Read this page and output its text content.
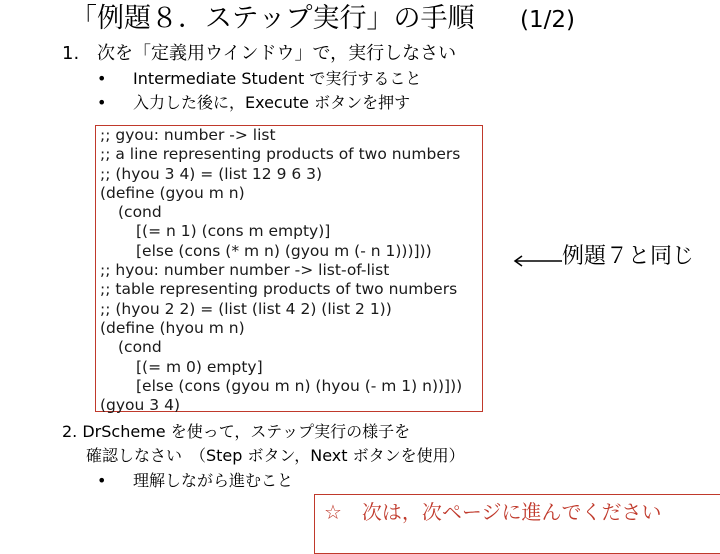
「例題８．ステップ実行」の手順 (1/2)
1. 次を「定義用ウインドウ」で，実行しなさい
• Intermediate Student で実行すること
• 入力した後に，Execute ボタンを押す
;; gyou: number -> list
;; a line representing products of two numbers
;; (hyou 3 4) = (list 12 9 6 3)
(define (gyou m n)
(cond
[(= n 1) (cons m empty)]
[else (cons (* m n) (gyou m (- n 1)))]))
;; hyou: number number -> list-of-list
;; table representing products of two numbers
;; (hyou 2 2) = (list (list 4 2) (list 2 1))
(define (hyou m n)
(cond
[(= m 0) empty]
[else (cons (gyou m n) (hyou (- m 1) n))]))
(gyou 3 4)
例題７と同じ
2. DrScheme を使って，ステップ実行の様子を
確認しなさい　（Step ボタン，Next ボタンを使用）
• 理解しながら進むこと
☆　次は，次ページに進んでください
